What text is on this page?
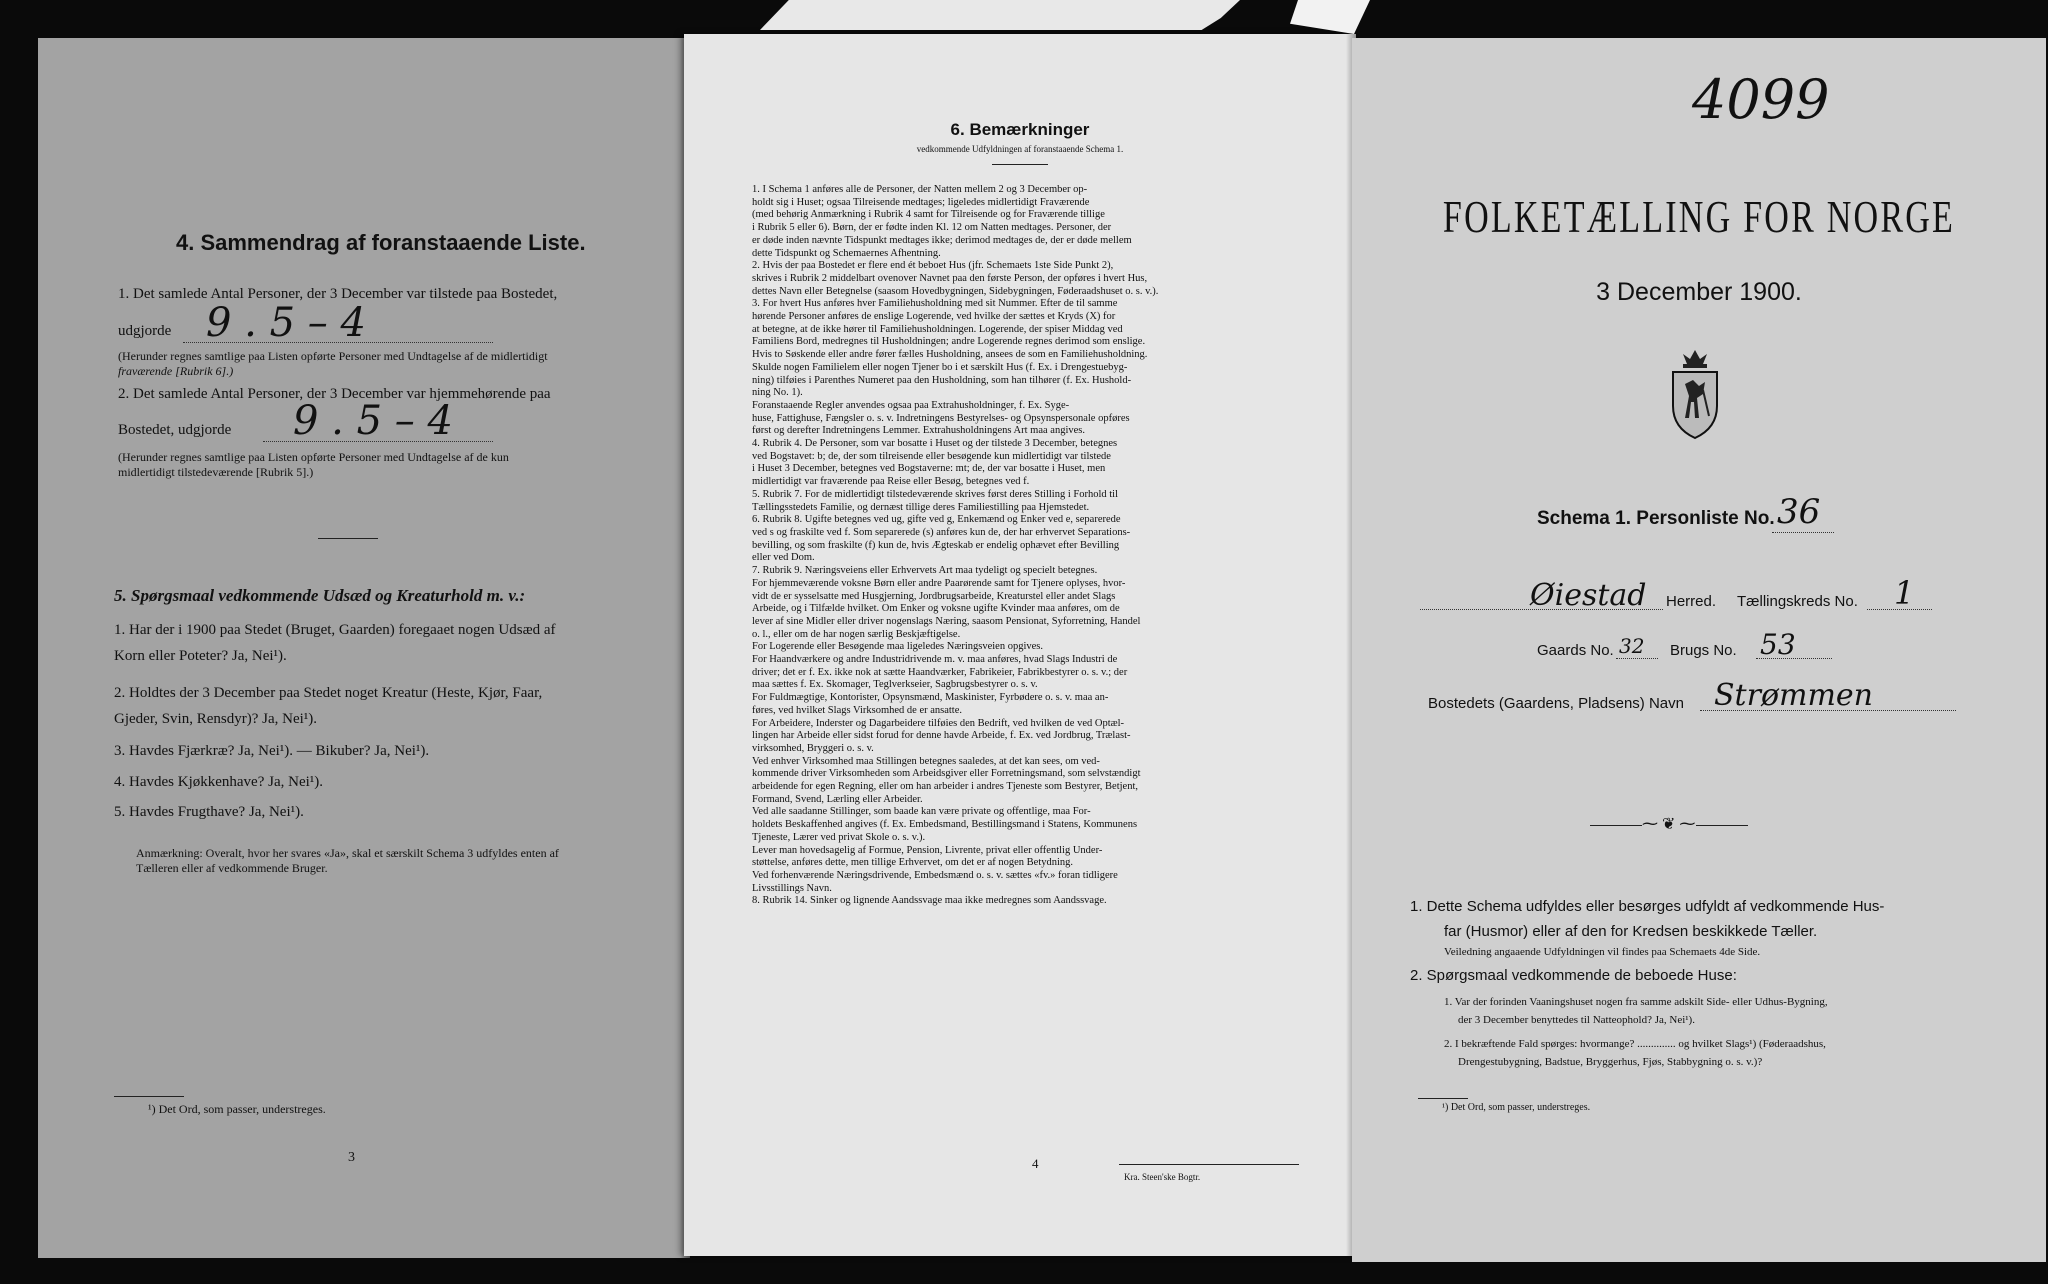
4. Sammendrag af foranstaaende Liste.
1. Det samlede Antal Personer, der 3 December var tilstede paa Bostedet,
udgjorde 9 . 5 – 4
(Herunder regnes samtlige paa Listen opførte Personer med Undtagelse af de midlertidigt
fraværende [Rubrik 6].)
2. Det samlede Antal Personer, der 3 December var hjemmehørende paa
Bostedet, udgjorde 9 . 5 – 4
(Herunder regnes samtlige paa Listen opførte Personer med Undtagelse af de kun
midlertidigt tilstedeværende [Rubrik 5].)
5. Spørgsmaal vedkommende Udsæd og Kreaturhold m. v.:
1. Har der i 1900 paa Stedet (Bruget, Gaarden) foregaaet nogen Udsæd af
Korn eller Poteter? Ja, Nei¹).
2. Holdtes der 3 December paa Stedet noget Kreatur (Heste, Kjør, Faar,
Gjeder, Svin, Rensdyr)? Ja, Nei¹).
3. Havdes Fjærkræ? Ja, Nei¹). — Bikuber? Ja, Nei¹).
4. Havdes Kjøkkenhave? Ja, Nei¹).
5. Havdes Frugthave? Ja, Nei¹).
Anmærkning: Overalt, hvor her svares «Ja», skal et særskilt Schema 3 udfyldes enten af
Tælleren eller af vedkommende Bruger.
¹) Det Ord, som passer, understreges.
3
6. Bemærkninger
vedkommende Udfyldningen af foranstaaende Schema 1.
1. I Schema 1 anføres alle de Personer, der Natten mellem 2 og 3 December op-
holdt sig i Huset; ogsaa Tilreisende medtages; ligeledes midlertidigt Fraværende
(med behørig Anmærkning i Rubrik 4 samt for Tilreisende og for Fraværende tillige
i Rubrik 5 eller 6). Børn, der er fødte inden Kl. 12 om Natten medtages. Personer, der
er døde inden nævnte Tidspunkt medtages ikke; derimod medtages de, der er døde mellem
dette Tidspunkt og Schemaernes Afhentning.
2. Hvis der paa Bostedet er flere end ét beboet Hus (jfr. Schemaets 1ste Side Punkt 2),
skrives i Rubrik 2 middelbart ovenover Navnet paa den første Person, der opføres i hvert Hus,
dettes Navn eller Betegnelse (saasom Hovedbygningen, Sidebygningen, Føderaadshuset o. s. v.).
3. For hvert Hus anføres hver Familiehusholdning med sit Nummer. Efter de til samme
hørende Personer anføres de enslige Logerende, ved hvilke der sættes et Kryds (X) for
at betegne, at de ikke hører til Familiehusholdningen. Logerende, der spiser Middag ved
Familiens Bord, medregnes til Husholdningen; andre Logerende regnes derimod som enslige.
Hvis to Søskende eller andre fører fælles Husholdning, ansees de som en Familiehusholdning.
Skulde nogen Familielem eller nogen Tjener bo i et særskilt Hus (f. Ex. i Drengestuebyg-
ning) tilføies i Parenthes Numeret paa den Husholdning, som han tilhører (f. Ex. Hushold-
ning No. 1).
Foranstaaende Regler anvendes ogsaa paa Extrahusholdninger, f. Ex. Syge-
huse, Fattighuse, Fængsler o. s. v. Indretningens Bestyrelses- og Opsynspersonale opføres
først og derefter Indretningens Lemmer. Extrahusholdningens Art maa angives.
4. Rubrik 4. De Personer, som var bosatte i Huset og der tilstede 3 December, betegnes
ved Bogstavet: b; de, der som tilreisende eller besøgende kun midlertidigt var tilstede
i Huset 3 December, betegnes ved Bogstaverne: mt; de, der var bosatte i Huset, men
midlertidigt var fraværende paa Reise eller Besøg, betegnes ved f.
5. Rubrik 7. For de midlertidigt tilstedeværende skrives først deres Stilling i Forhold til
Tællingsstedets Familie, og dernæst tillige deres Familiestilling paa Hjemstedet.
6. Rubrik 8. Ugifte betegnes ved ug, gifte ved g, Enkemænd og Enker ved e, separerede
ved s og fraskilte ved f. Som separerede (s) anføres kun de, der har erhvervet Separations-
bevilling, og som fraskilte (f) kun de, hvis Ægteskab er endelig ophævet efter Bevilling
eller ved Dom.
7. Rubrik 9. Næringsveiens eller Erhvervets Art maa tydeligt og specielt betegnes.
For hjemmeværende voksne Børn eller andre Paarørende samt for Tjenere oplyses, hvor-
vidt de er sysselsatte med Husgjerning, Jordbrugsarbeide, Kreaturstel eller andet Slags
Arbeide, og i Tilfælde hvilket. Om Enker og voksne ugifte Kvinder maa anføres, om de
lever af sine Midler eller driver nogenslags Næring, saasom Pensionat, Syforretning, Handel
o. l., eller om de har nogen særlig Beskjæftigelse.
For Logerende eller Besøgende maa ligeledes Næringsveien opgives.
For Haandværkere og andre Industridrivende m. v. maa anføres, hvad Slags Industri de
driver; det er f. Ex. ikke nok at sætte Haandværker, Fabrikeier, Fabrikbestyrer o. s. v.; der
maa sættes f. Ex. Skomager, Teglverkseier, Sagbrugsbestyrer o. s. v.
For Fuldmægtige, Kontorister, Opsynsmænd, Maskinister, Fyrbødere o. s. v. maa an-
føres, ved hvilket Slags Virksomhed de er ansatte.
For Arbeidere, Inderster og Dagarbeidere tilføies den Bedrift, ved hvilken de ved Optæl-
lingen har Arbeide eller sidst forud for denne havde Arbeide, f. Ex. ved Jordbrug, Trælast-
virksomhed, Bryggeri o. s. v.
Ved enhver Virksomhed maa Stillingen betegnes saaledes, at det kan sees, om ved-
kommende driver Virksomheden som Arbeidsgiver eller Forretningsmand, som selvstændigt
arbeidende for egen Regning, eller om han arbeider i andres Tjeneste som Bestyrer, Betjent,
Formand, Svend, Lærling eller Arbeider.
Ved alle saadanne Stillinger, som baade kan være private og offentlige, maa For-
holdets Beskaffenhed angives (f. Ex. Embedsmand, Bestillingsmand i Statens, Kommunens
Tjeneste, Lærer ved privat Skole o. s. v.).
Lever man hovedsagelig af Formue, Pension, Livrente, privat eller offentlig Under-
støttelse, anføres dette, men tillige Erhvervet, om det er af nogen Betydning.
Ved forhenværende Næringsdrivende, Embedsmænd o. s. v. sættes «fv.» foran tidligere
Livsstillings Navn.
8. Rubrik 14. Sinker og lignende Aandssvage maa ikke medregnes som Aandssvage.
4
Kra. Steen'ske Bogtr.
4099
FOLKETÆLLING FOR NORGE
3 December 1900.
Schema 1. Personliste No. 36
Øiestad Herred. Tællingskreds No. 1
Gaards No. 32 Brugs No. 53
Bostedets (Gaardens, Pladsens) Navn Strømmen
⁓ ❦ ⁓
1. Dette Schema udfyldes eller besørges udfyldt af vedkommende Hus-
far (Husmor) eller af den for Kredsen beskikkede Tæller.
Veiledning angaaende Udfyldningen vil findes paa Schemaets 4de Side.
2. Spørgsmaal vedkommende de beboede Huse:
1. Var der forinden Vaaningshuset nogen fra samme adskilt Side- eller Udhus-Bygning,
der 3 December benyttedes til Natteophold? Ja, Nei¹).
2. I bekræftende Fald spørges: hvormange? .............. og hvilket Slags¹) (Føderaadshus,
Drengestubygning, Badstue, Bryggerhus, Fjøs, Stabbygning o. s. v.)?
¹) Det Ord, som passer, understreges.
